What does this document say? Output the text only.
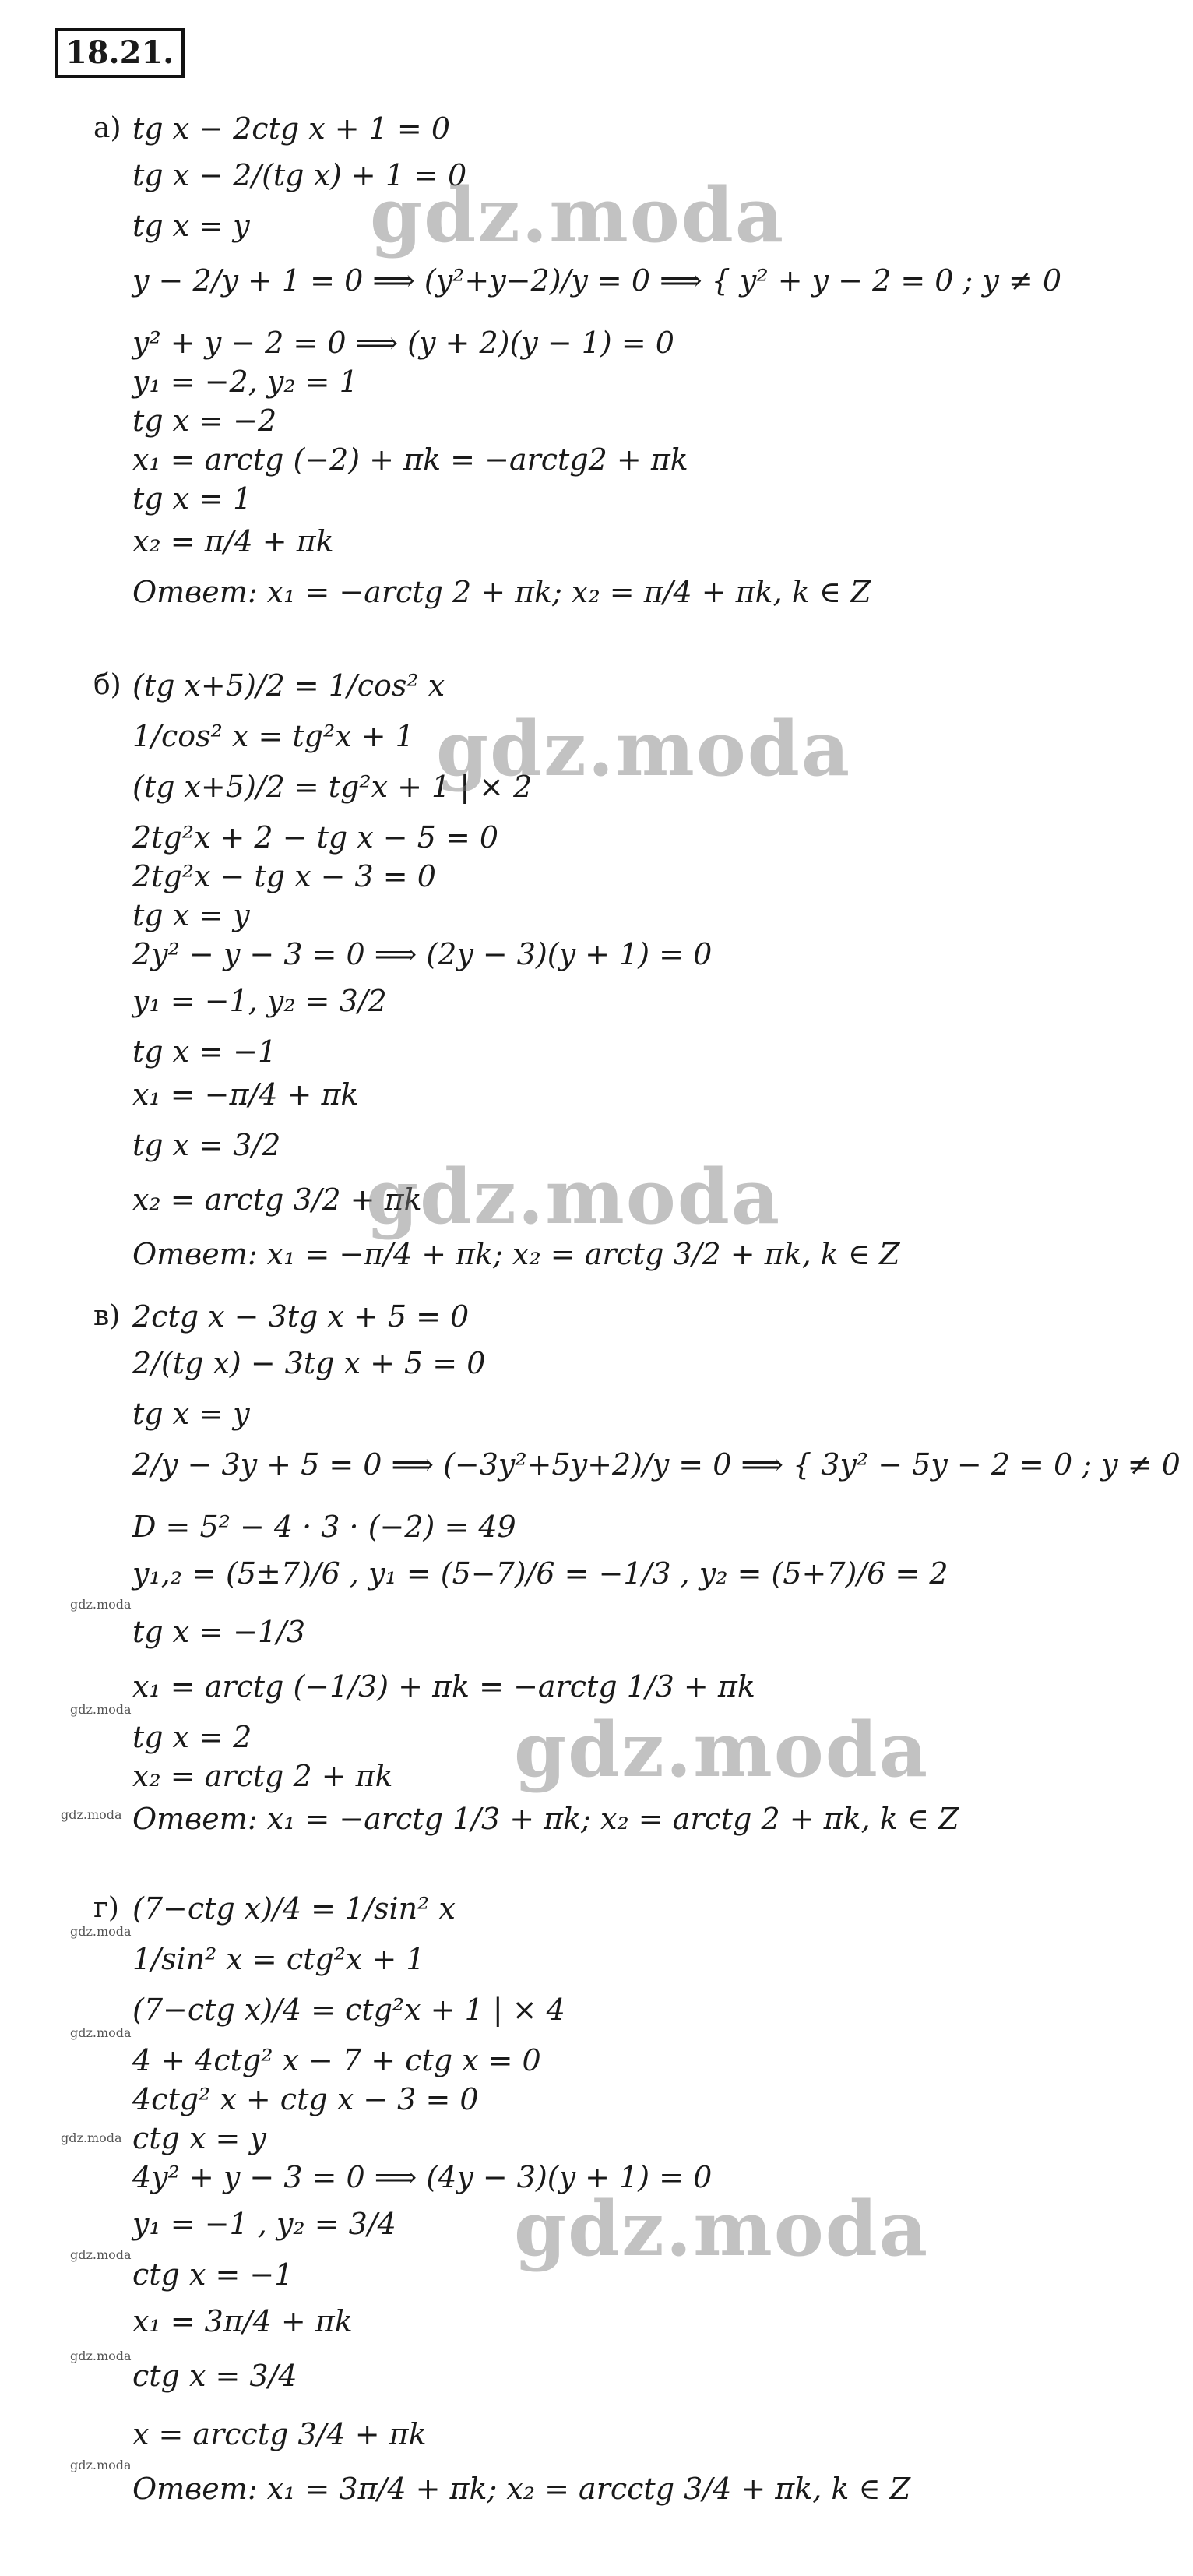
18.21.
а) tg x − 2ctg x + 1 = 0
tg x − 2/(tg x) + 1 = 0
tg x = y
y − 2/y + 1 = 0 ⟹ (y²+y−2)/y = 0 ⟹ { y² + y − 2 = 0 ; y ≠ 0
y² + y − 2 = 0 ⟹ (y + 2)(y − 1) = 0
y₁ = −2, y₂ = 1
tg x = −2
x₁ = arctg (−2) + πk = −arctg2 + πk
tg x = 1
x₂ = π/4 + πk
Ответ: x₁ = −arctg 2 + πk; x₂ = π/4 + πk, k ∈ Z
б) (tg x+5)/2 = 1/cos² x
1/cos² x = tg²x + 1
(tg x+5)/2 = tg²x + 1 | × 2
2tg²x + 2 − tg x − 5 = 0
2tg²x − tg x − 3 = 0
tg x = y
2y² − y − 3 = 0 ⟹ (2y − 3)(y + 1) = 0
y₁ = −1, y₂ = 3/2
tg x = −1
x₁ = −π/4 + πk
tg x = 3/2
x₂ = arctg 3/2 + πk
Ответ: x₁ = −π/4 + πk; x₂ = arctg 3/2 + πk, k ∈ Z
в) 2ctg x − 3tg x + 5 = 0
2/(tg x) − 3tg x + 5 = 0
tg x = y
2/y − 3y + 5 = 0 ⟹ (−3y²+5y+2)/y = 0 ⟹ { 3y² − 5y − 2 = 0 ; y ≠ 0
D = 5² − 4 · 3 · (−2) = 49
y₁,₂ = (5±7)/6 , y₁ = (5−7)/6 = −1/3 , y₂ = (5+7)/6 = 2
tg x = −1/3
x₁ = arctg (−1/3) + πk = −arctg 1/3 + πk
tg x = 2
x₂ = arctg 2 + πk
Ответ: x₁ = −arctg 1/3 + πk; x₂ = arctg 2 + πk, k ∈ Z
г) (7−ctg x)/4 = 1/sin² x
1/sin² x = ctg²x + 1
(7−ctg x)/4 = ctg²x + 1 | × 4
4 + 4ctg² x − 7 + ctg x = 0
4ctg² x + ctg x − 3 = 0
ctg x = y
4y² + y − 3 = 0 ⟹ (4y − 3)(y + 1) = 0
y₁ = −1 , y₂ = 3/4
ctg x = −1
x₁ = 3π/4 + πk
ctg x = 3/4
x = arcctg 3/4 + πk
Ответ: x₁ = 3π/4 + πk; x₂ = arcctg 3/4 + πk, k ∈ Z
gdz.moda
gdz.moda
gdz.moda
gdz.moda
gdz.moda
gdz.moda
gdz.moda
gdz.moda
gdz.moda
gdz.moda
gdz.moda
gdz.moda
gdz.moda
gdz.moda
